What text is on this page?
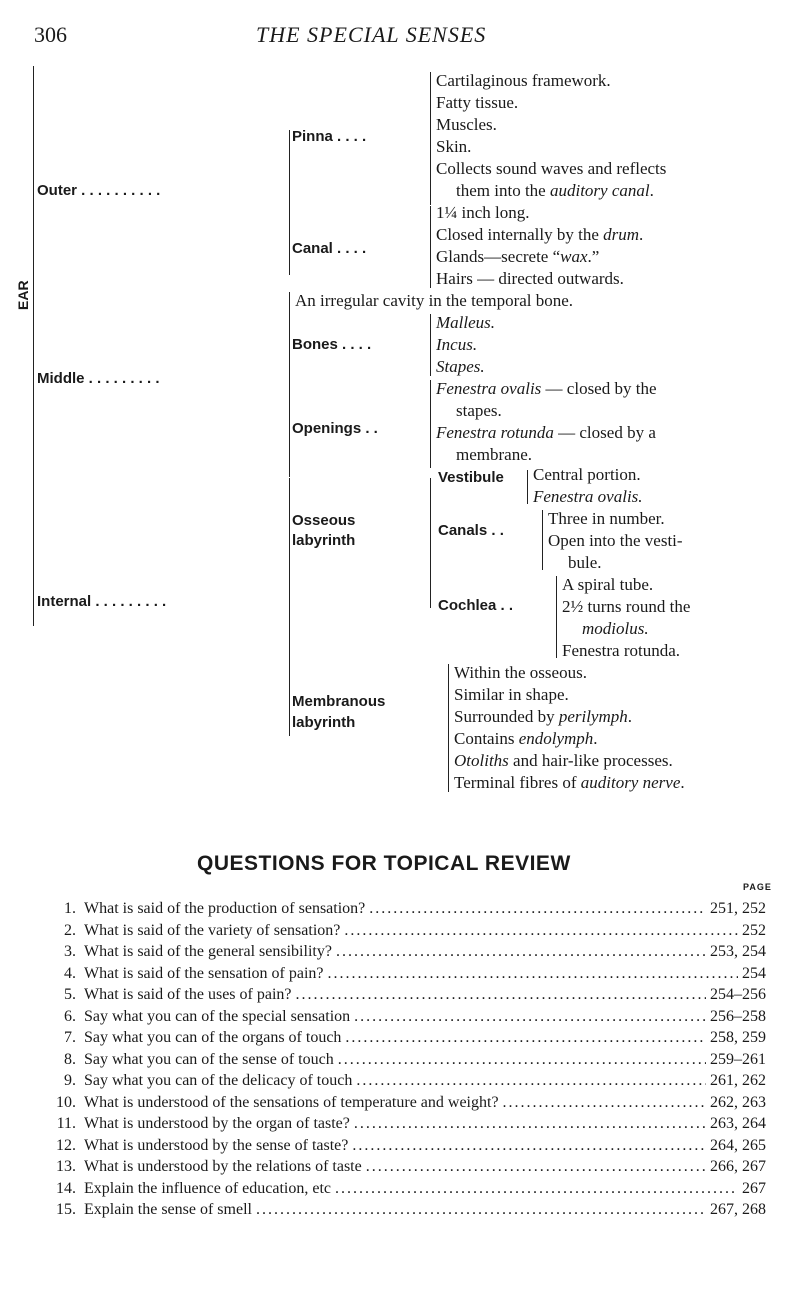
306	THE SPECIAL SENSES
EAR
Outer . . . . . . . . . .
Pinna . . . .
Cartilaginous framework.
Fatty tissue.
Muscles.
Skin.
Collects sound waves and reflects
them into the auditory canal.
Canal . . . .
1¼ inch long.
Closed internally by the drum.
Glands—secrete “wax.”
Hairs — directed outwards.
Middle . . . . . . . . .
An irregular cavity in the temporal bone.
Bones . . . .
Malleus.
Incus.
Stapes.
Openings . .
Fenestra ovalis — closed by the
stapes.
Fenestra rotunda — closed by a
membrane.
Internal . . . . . . . . .
Osseous
labyrinth
Vestibule Central portion.
Fenestra ovalis.
Canals . .
Three in number.
Open into the vesti-
bule.
Cochlea . .
A spiral tube.
2½ turns round the
modiolus.
Fenestra rotunda.
Membranous
labyrinth
Within the osseous.
Similar in shape.
Surrounded by perilymph.
Contains endolymph.
Otoliths and hair-like processes.
Terminal fibres of auditory nerve.
QUESTIONS FOR TOPICAL REVIEW
PAGE
1. What is said of the production of sensation? .....	251, 252
2. What is said of the variety of sensation? .....	252
3. What is said of the general sensibility? .....	253, 254
4. What is said of the sensation of pain? .....	254
5. What is said of the uses of pain? .....	254–256
6. Say what you can of the special sensation .....	256–258
7. Say what you can of the organs of touch .....	258, 259
8. Say what you can of the sense of touch .....	259–261
9. Say what you can of the delicacy of touch .....	261, 262
10. What is understood of the sensations of temperature and weight? .....	262, 263
11. What is understood by the organ of taste? .....	263, 264
12. What is understood by the sense of taste? .....	264, 265
13. What is understood by the relations of taste .....	266, 267
14. Explain the influence of education, etc .....	267
15. Explain the sense of smell .....	267, 268
